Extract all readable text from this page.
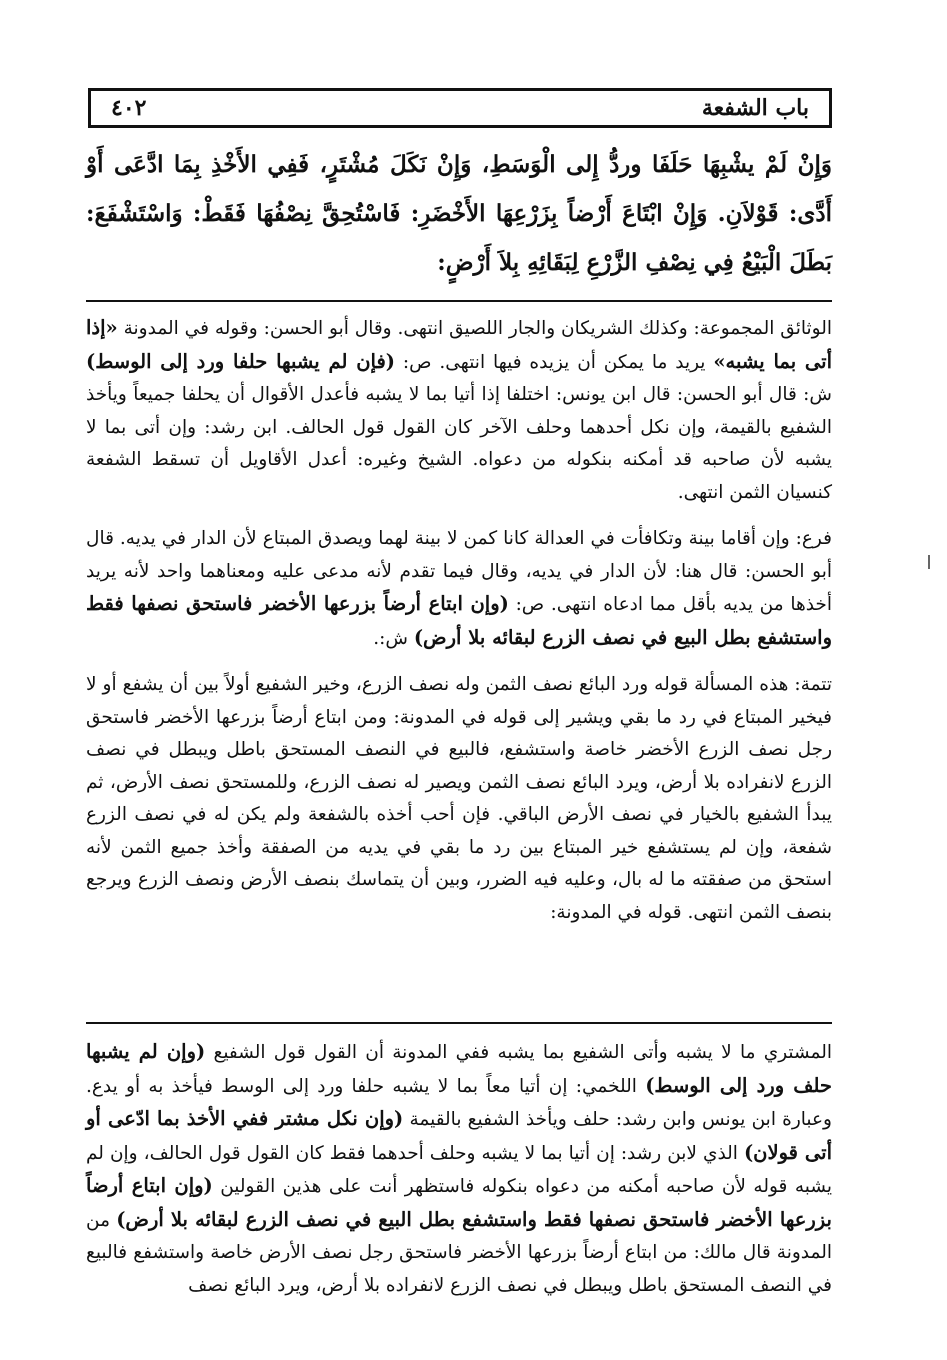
باب الشفعة
٤٠٢
وَإِنْ لَمْ يشْبِهَا حَلَفَا وردُّ إِلى الْوَسَطِ، وَإِنْ نَكَلَ مُشْتَرٍ، فَفِي الأَخْذِ بِمَا ادَّعَى أَوْ أَدَّى: قَوْلاَنِ. وَإِنْ ابْتَاعَ أَرْضاً بِزَرْعِهَا الأَخْضَرِ: فَاسْتُحِقَّ نِصْفُهَا فَقَطْ: وَاسْتَشْفَعَ: بَطَلَ الْبَيْعُ فِي نِصْفِ الزَّرْعِ لِبَقَائِهِ بِلاَ أَرْضٍ:

الوثائق المجموعة: وكذلك الشريكان والجار اللصيق انتهى. وقال أبو الحسن: وقوله في المدونة «إذا أتى بما يشبه» يريد ما يمكن أن يزيده فيها انتهى. ص: (فإن لم يشبها حلفا ورد إلى الوسط) ش: قال أبو الحسن: قال ابن يونس: اختلفا إذا أتيا بما لا يشبه فأعدل الأقوال أن يحلفا جميعاً ويأخذ الشفيع بالقيمة، وإن نكل أحدهما وحلف الآخر كان القول قول الحالف. ابن رشد: وإن أتى بما لا يشبه لأن صاحبه قد أمكنه بنكوله من دعواه. الشيخ وغيره: أعدل الأقاويل أن تسقط الشفعة كنسيان الثمن انتهى.

فرع: وإن أقاما بينة وتكافأت في العدالة كانا كمن لا بينة لهما ويصدق المبتاع لأن الدار في يديه. قال أبو الحسن: قال هنا: لأن الدار في يديه، وقال فيما تقدم لأنه مدعى عليه ومعناهما واحد لأنه يريد أخذها من يديه بأقل مما ادعاه انتهى. ص: (وإن ابتاع أرضاً بزرعها الأخضر فاستحق نصفها فقط واستشفع بطل البيع في نصف الزرع لبقائه بلا أرض) ش:.

تتمة: هذه المسألة قوله ورد البائع نصف الثمن وله نصف الزرع، وخير الشفيع أولاً بين أن يشفع أو لا فيخير المبتاع في رد ما بقي ويشير إلى قوله في المدونة: ومن ابتاع أرضاً بزرعها الأخضر فاستحق رجل نصف الزرع الأخضر خاصة واستشفع، فالبيع في النصف المستحق باطل ويبطل في نصف الزرع لانفراده بلا أرض، ويرد البائع نصف الثمن ويصير له نصف الزرع، وللمستحق نصف الأرض، ثم يبدأ الشفيع بالخيار في نصف الأرض الباقي. فإن أحب أخذه بالشفعة ولم يكن له في نصف الزرع شفعة، وإن لم يستشفع خير المبتاع بين رد ما بقي في يديه من الصفقة وأخذ جميع الثمن لأنه استحق من صفقته ما له بال، وعليه فيه الضرر، وبين أن يتماسك بنصف الأرض ونصف الزرع ويرجع بنصف الثمن انتهى. قوله في المدونة:

المشتري ما لا يشبه وأتى الشفيع بما يشبه ففي المدونة أن القول قول الشفيع (وإن لم يشبها حلف ورد إلى الوسط) اللخمي: إن أتيا معاً بما لا يشبه حلفا ورد إلى الوسط فيأخذ به أو يدع. وعبارة ابن يونس وابن رشد: حلف ويأخذ الشفيع بالقيمة (وإن نكل مشتر ففي الأخذ بما ادّعى أو أتى قولان) الذي لابن رشد: إن أتيا بما لا يشبه وحلف أحدهما فقط كان القول قول الحالف، وإن لم يشبه قوله لأن صاحبه أمكنه من دعواه بنكوله فاستظهر أنت على هذين القولين (وإن ابتاع أرضاً بزرعها الأخضر فاستحق نصفها فقط واستشفع بطل البيع في نصف الزرع لبقائه بلا أرض) من المدونة قال مالك: من ابتاع أرضاً بزرعها الأخضر فاستحق رجل نصف الأرض خاصة واستشفع فالبيع في النصف المستحق باطل ويبطل في نصف الزرع لانفراده بلا أرض، ويرد البائع نصف
